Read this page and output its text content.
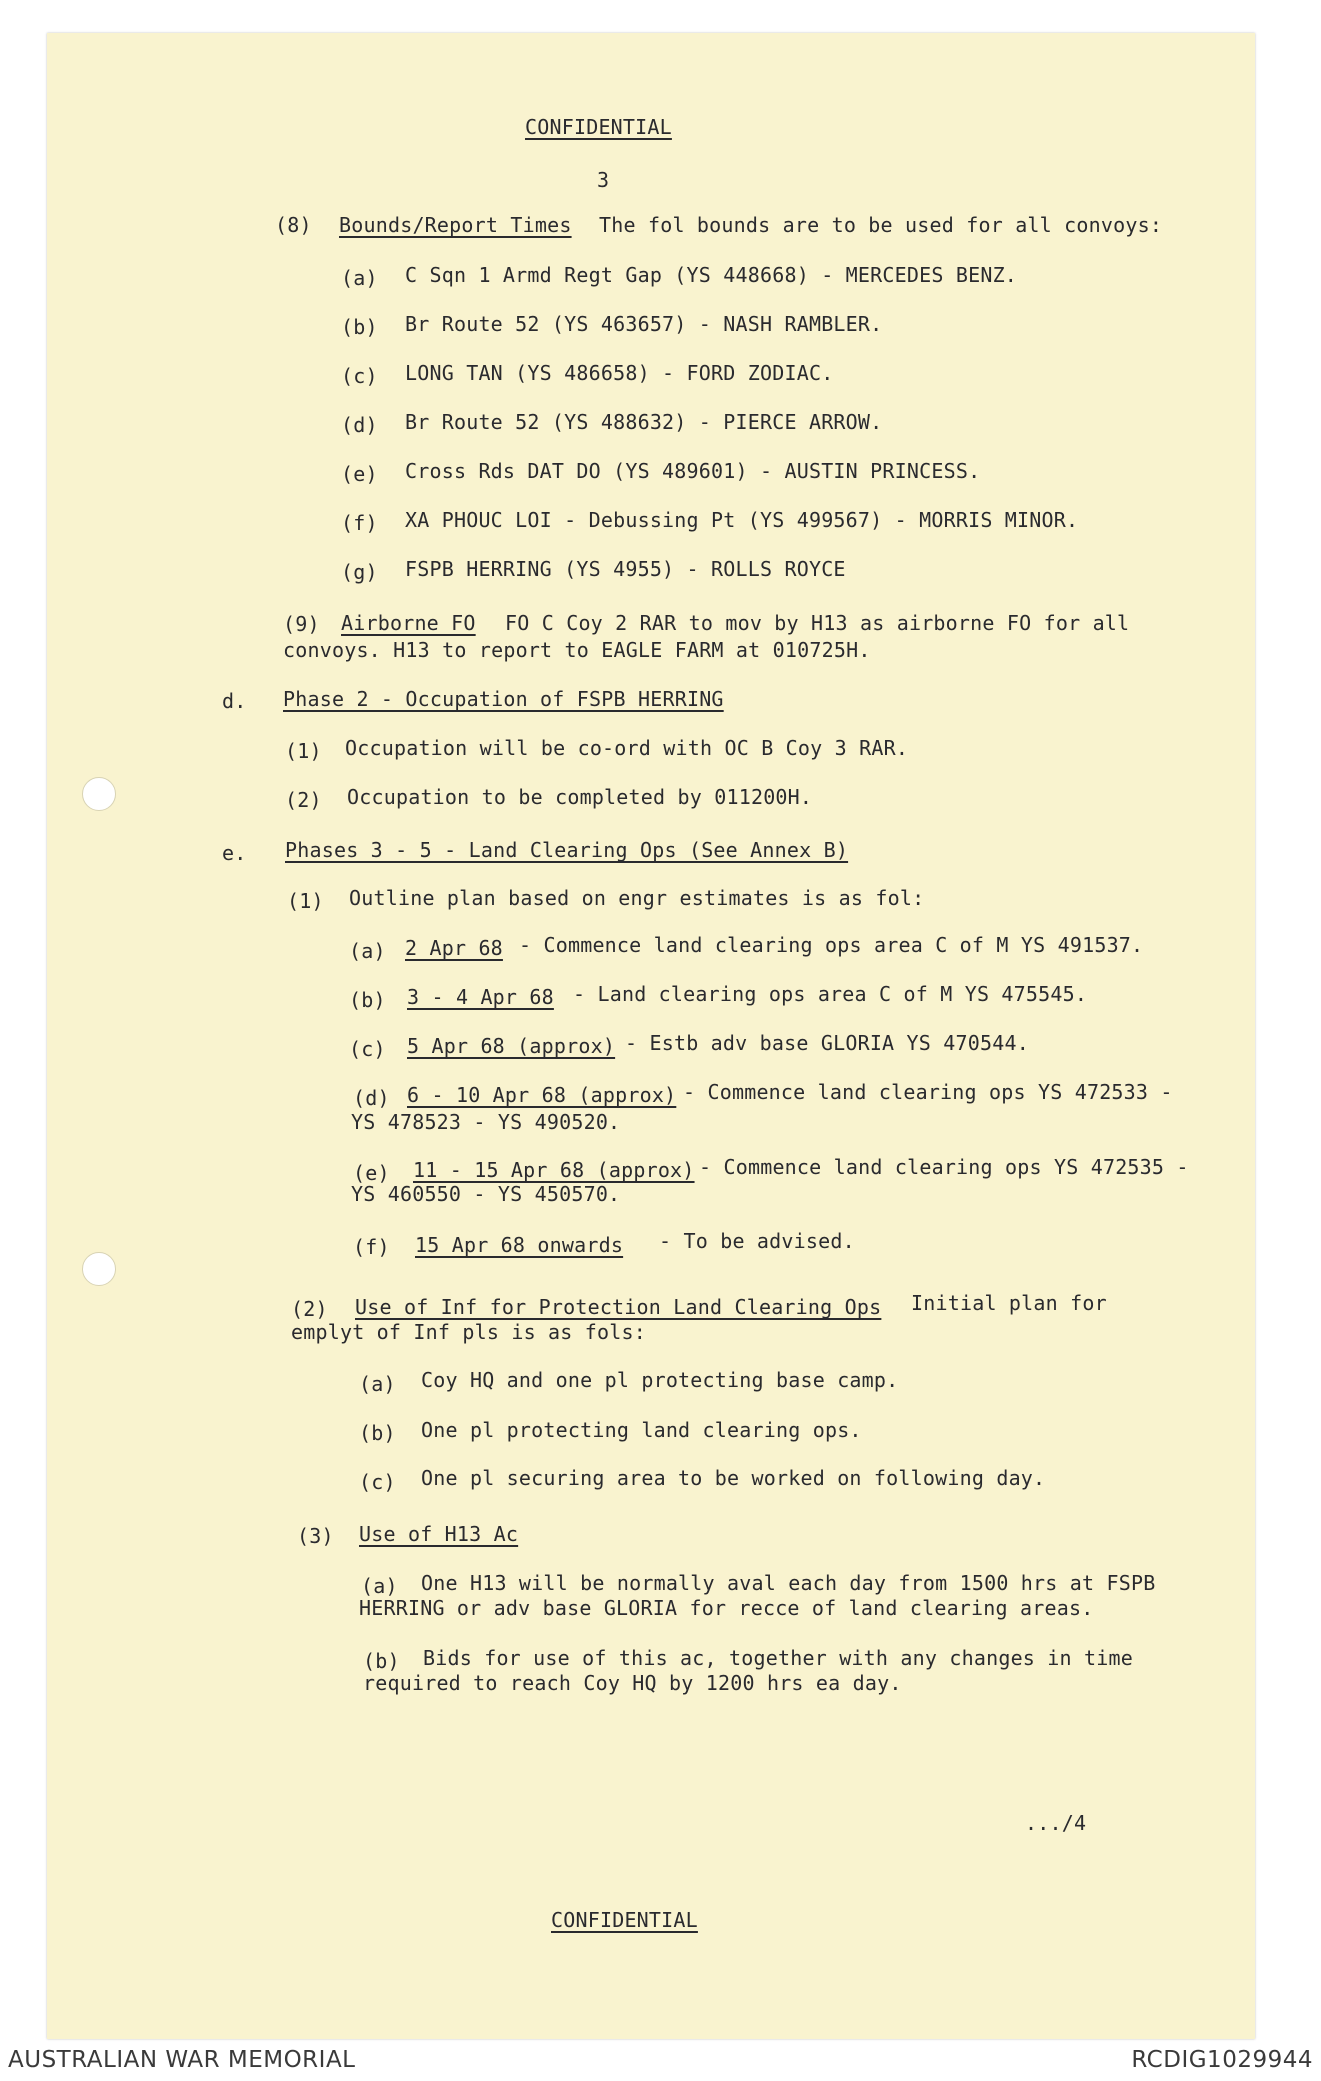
CONFIDENTIAL
3
(8) Bounds/Report Times The fol bounds are to be used for all convoys:
(a) C Sqn 1 Armd Regt Gap (YS 448668) - MERCEDES BENZ.
(b) Br Route 52 (YS 463657) - NASH RAMBLER.
(c) LONG TAN (YS 486658) - FORD ZODIAC.
(d) Br Route 52 (YS 488632) - PIERCE ARROW.
(e) Cross Rds DAT DO (YS 489601) - AUSTIN PRINCESS.
(f) XA PHOUC LOI - Debussing Pt (YS 499567) - MORRIS MINOR.
(g) FSPB HERRING (YS 4955) - ROLLS ROYCE
(9) Airborne FO FO C Coy 2 RAR to mov by H13 as airborne FO for all
convoys. H13 to report to EAGLE FARM at 010725H.
d. Phase 2 - Occupation of FSPB HERRING
(1) Occupation will be co-ord with OC B Coy 3 RAR.
(2) Occupation to be completed by 011200H.
e. Phases 3 - 5 - Land Clearing Ops (See Annex B)
(1) Outline plan based on engr estimates is as fol:
(a) 2 Apr 68 - Commence land clearing ops area C of M YS 491537.
(b) 3 - 4 Apr 68 - Land clearing ops area C of M YS 475545.
(c) 5 Apr 68 (approx) - Estb adv base GLORIA YS 470544.
(d) 6 - 10 Apr 68 (approx) - Commence land clearing ops YS 472533 -
YS 478523 - YS 490520.
(e) 11 - 15 Apr 68 (approx) - Commence land clearing ops YS 472535 -
YS 460550 - YS 450570.
(f) 15 Apr 68 onwards - To be advised.
(2) Use of Inf for Protection Land Clearing Ops Initial plan for
emplyt of Inf pls is as fols:
(a) Coy HQ and one pl protecting base camp.
(b) One pl protecting land clearing ops.
(c) One pl securing area to be worked on following day.
(3) Use of H13 Ac
(a) One H13 will be normally aval each day from 1500 hrs at FSPB
HERRING or adv base GLORIA for recce of land clearing areas.
(b) Bids for use of this ac, together with any changes in time
required to reach Coy HQ by 1200 hrs ea day.
.../4
CONFIDENTIAL
AUSTRALIAN WAR MEMORIAL	RCDIG1029944
